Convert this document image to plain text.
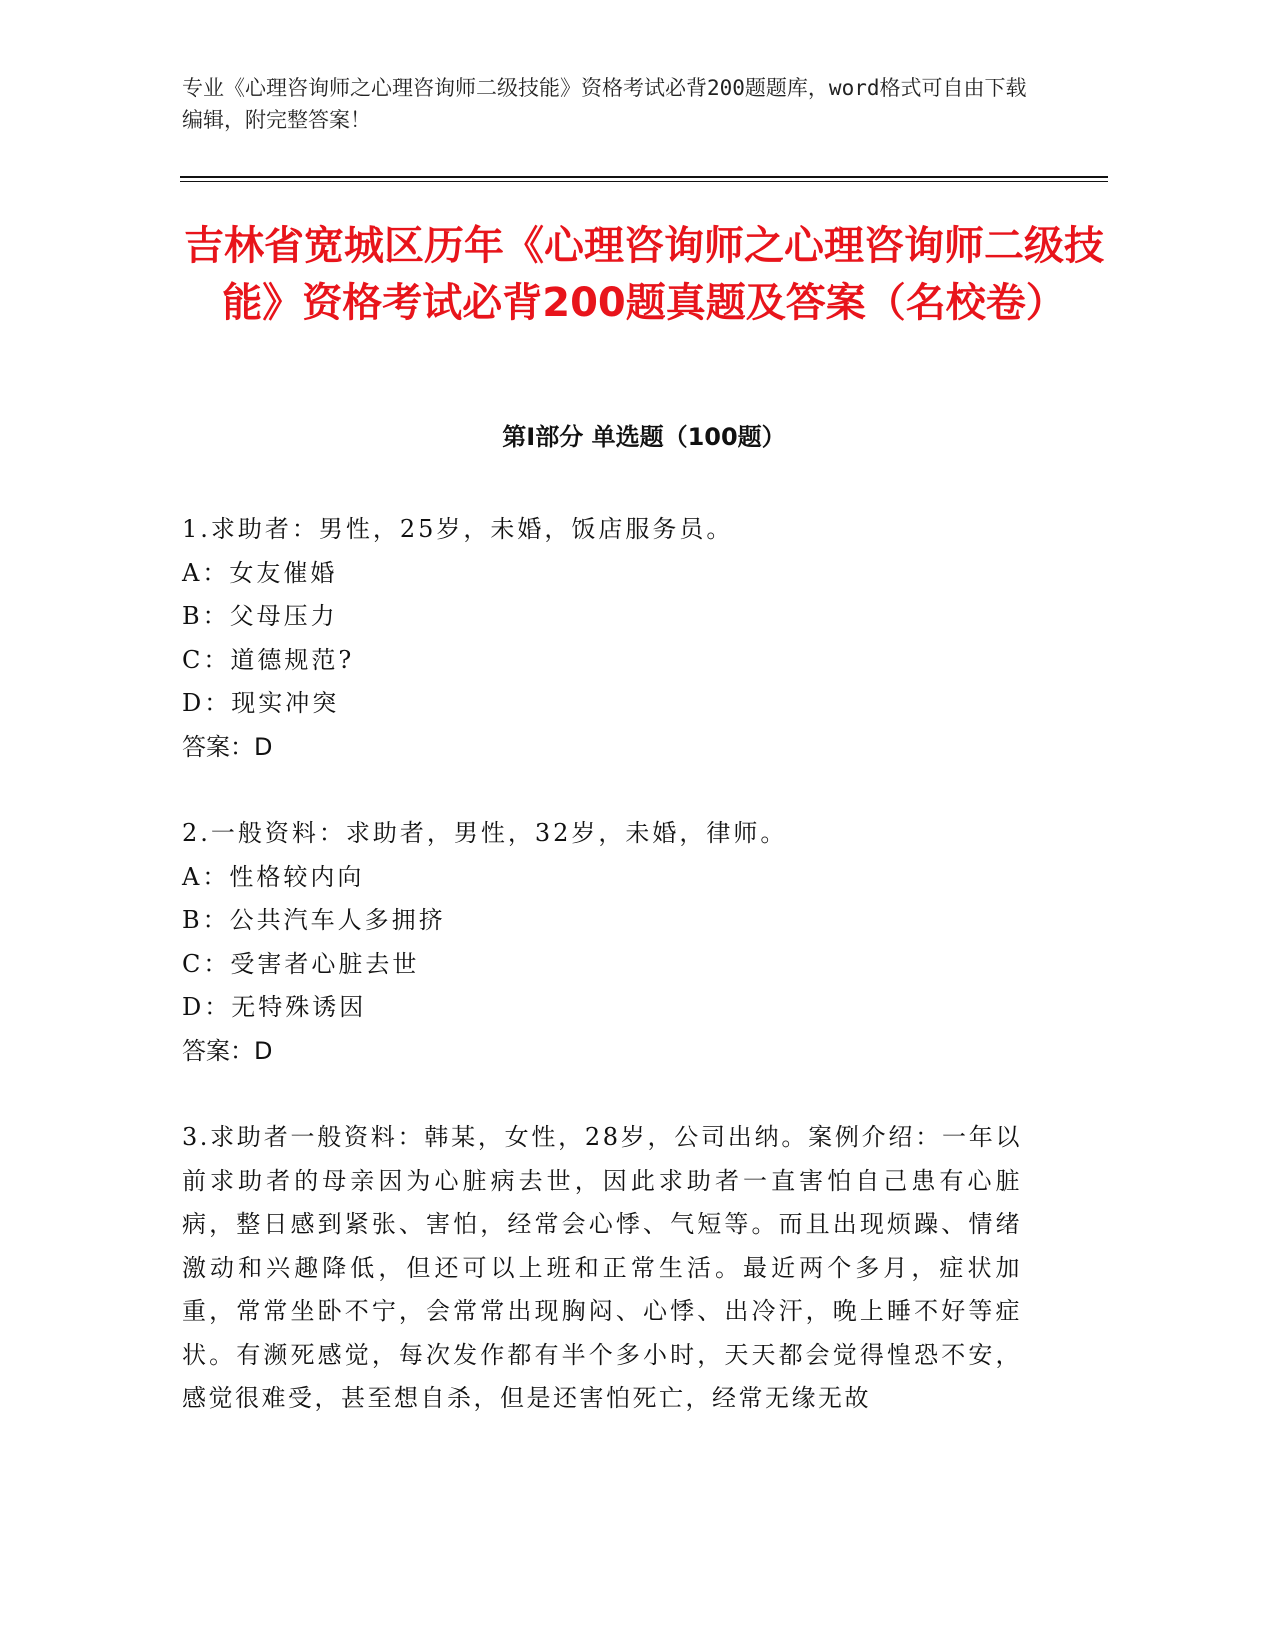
专业《心理咨询师之心理咨询师二级技能》资格考试必背200题题库，word格式可自由下载编辑，附完整答案！

吉林省宽城区历年《心理咨询师之心理咨询师二级技能》资格考试必背200题真题及答案（名校卷）
第Ⅰ部分 单选题（100题）

1.求助者：男性，25岁，未婚，饭店服务员。

A：女友催婚

B：父母压力

C：道德规范?

D：现实冲突

答案：D

2.一般资料：求助者，男性，32岁，未婚，律师。

A：性格较内向

B：公共汽车人多拥挤

C：受害者心脏去世

D：无特殊诱因

答案：D

3.求助者一般资料：韩某，女性，28岁，公司出纳。案例介绍：一年以前求助者的母亲因为心脏病去世，因此求助者一直害怕自己患有心脏病，整日感到紧张、害怕，经常会心悸、气短等。而且出现烦躁、情绪激动和兴趣降低，但还可以上班和正常生活。最近两个多月，症状加重，常常坐卧不宁，会常常出现胸闷、心悸、出冷汗，晚上睡不好等症状。有濒死感觉，每次发作都有半个多小时，天天都会觉得惶恐不安，感觉很难受，甚至想自杀，但是还害怕死亡，经常无缘无故
